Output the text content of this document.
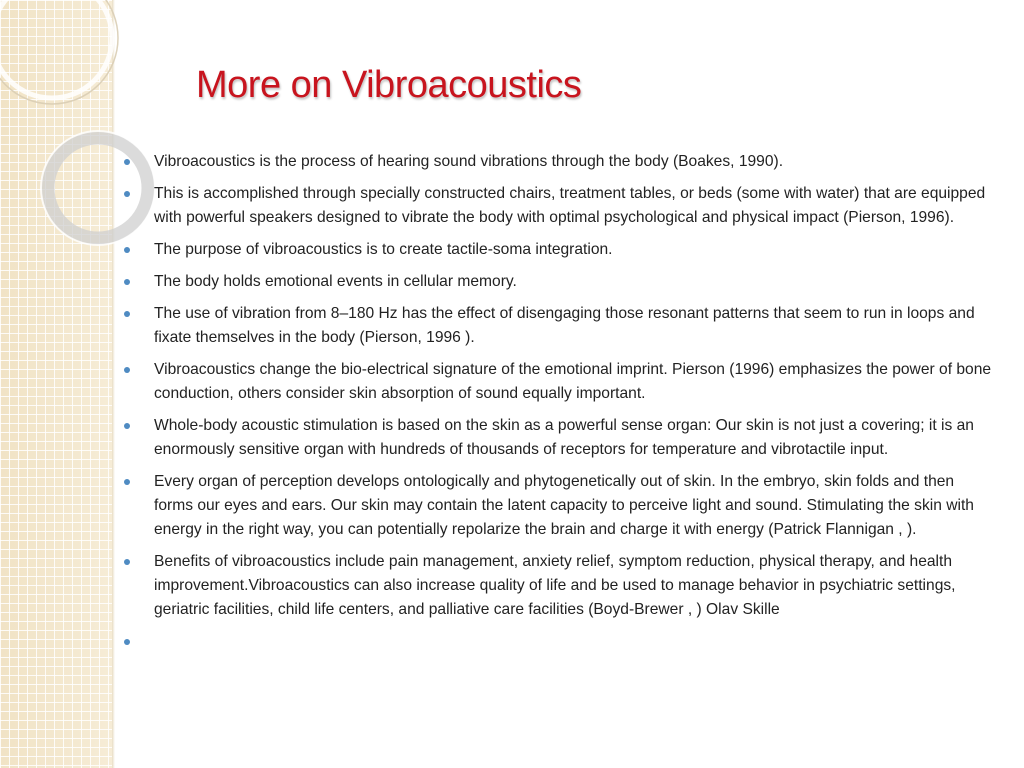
More on Vibroacoustics
Vibroacoustics is the process of hearing sound vibrations through the body (Boakes, 1990).
This is accomplished through specially constructed chairs, treatment tables, or beds (some with water) that are equipped with powerful speakers designed to vibrate the body with optimal psychological and physical impact (Pierson, 1996).
The purpose of vibroacoustics is to create tactile-soma integration.
The body holds emotional events in cellular memory.
The use of vibration from 8–180 Hz has the effect of disengaging those resonant patterns that seem to run in loops and fixate themselves in the body (Pierson, 1996 ).
Vibroacoustics change the bio-electrical signature of the emotional imprint. Pierson (1996) emphasizes the power of bone conduction, others consider skin absorption of sound equally important.
Whole-body acoustic stimulation is based on the skin as a powerful sense organ: Our skin is not just a covering; it is an enormously sensitive organ with hundreds of thousands of receptors for temperature and vibrotactile input.
Every organ of perception develops ontologically and phytogenetically out of skin. In the embryo, skin folds and then forms our eyes and ears. Our skin may contain the latent capacity to perceive light and sound. Stimulating the skin with energy in the right way, you can potentially repolarize the brain and charge it with energy (Patrick Flannigan , ).
Benefits of vibroacoustics include pain management, anxiety relief, symptom reduction, physical therapy, and health improvement.Vibroacoustics can also increase quality of life and be used to manage behavior in psychiatric settings, geriatric facilities, child life centers, and palliative care facilities (Boyd-Brewer , ) Olav Skille
